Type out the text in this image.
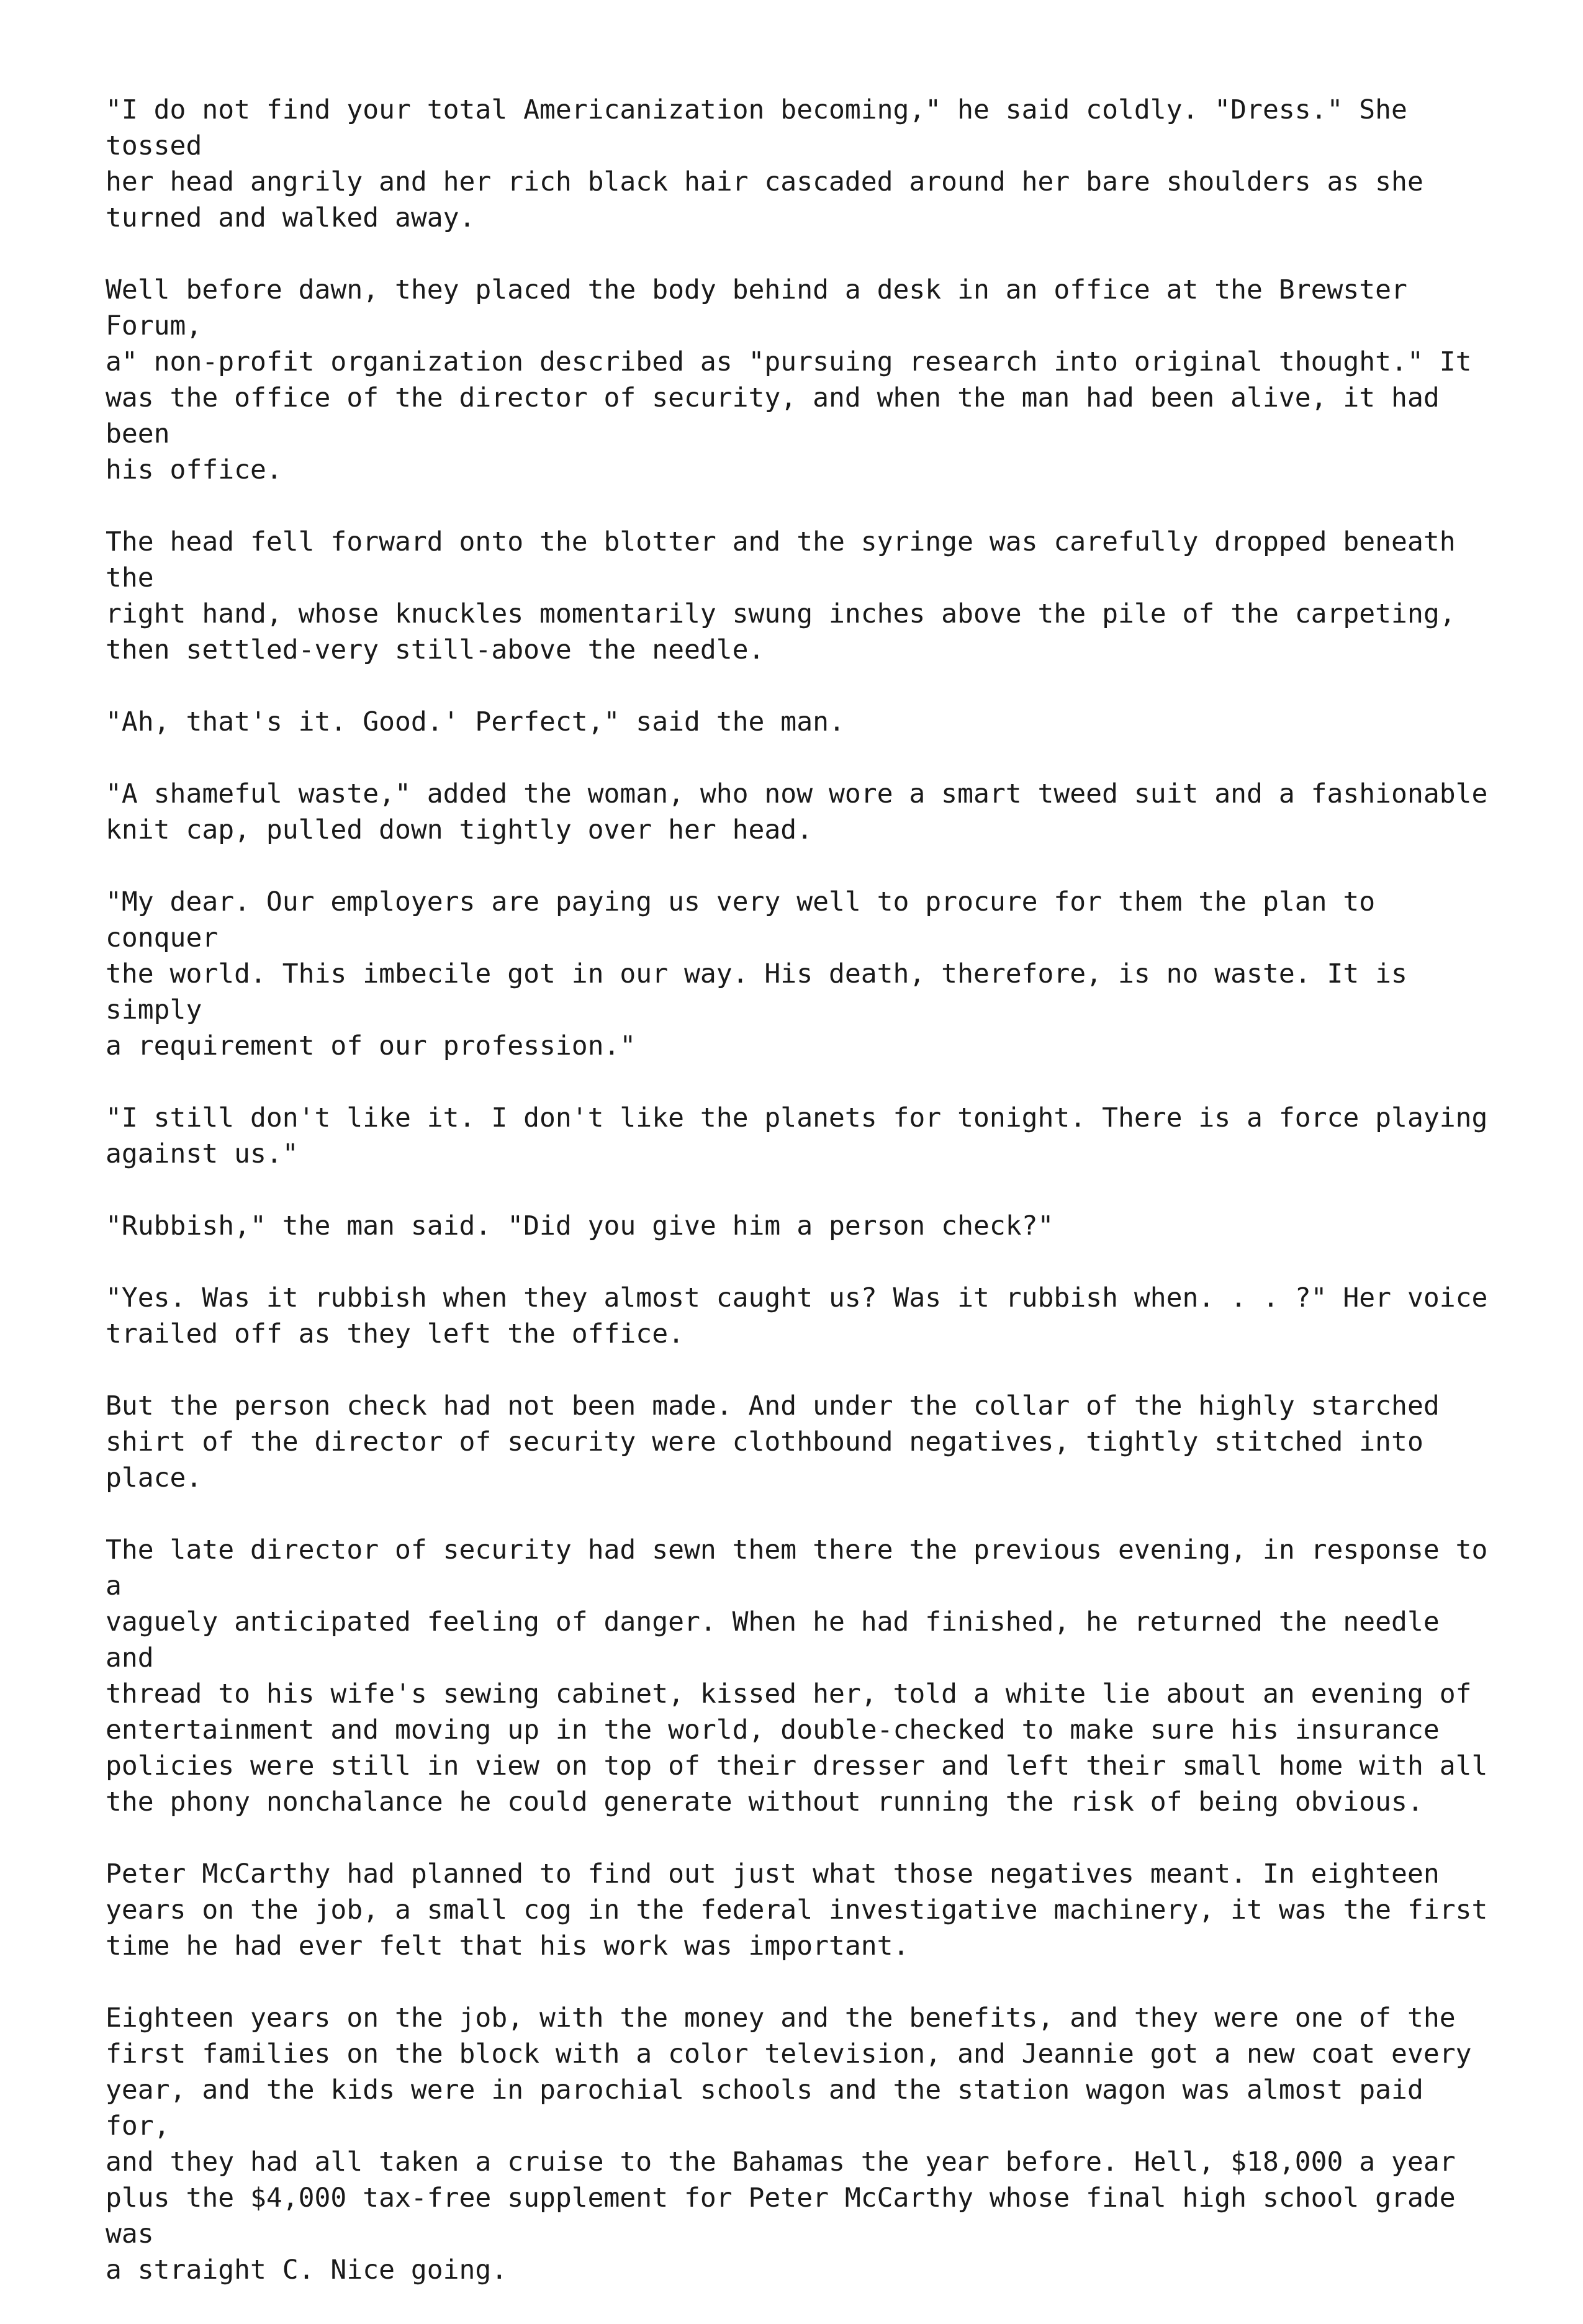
"I do not find your total Americanization becoming," he said coldly. "Dress." She tossed
her head angrily and her rich black hair cascaded around her bare shoulders as she
turned and walked away.

Well before dawn, they placed the body behind a desk in an office at the Brewster Forum,
a" non-profit organization described as "pursuing research into original thought." It
was the office of the director of security, and when the man had been alive, it had been
his office.

The head fell forward onto the blotter and the syringe was carefully dropped beneath the
right hand, whose knuckles momentarily swung inches above the pile of the carpeting,
then settled-very still-above the needle.

"Ah, that's it. Good.' Perfect," said the man.

"A shameful waste," added the woman, who now wore a smart tweed suit and a fashionable
knit cap, pulled down tightly over her head.

"My dear. Our employers are paying us very well to procure for them the plan to conquer
the world. This imbecile got in our way. His death, therefore, is no waste. It is simply
a requirement of our profession."

"I still don't like it. I don't like the planets for tonight. There is a force playing
against us."

"Rubbish," the man said. "Did you give him a person check?"

"Yes. Was it rubbish when they almost caught us? Was it rubbish when. . . ?" Her voice
trailed off as they left the office.

But the person check had not been made. And under the collar of the highly starched
shirt of the director of security were clothbound negatives, tightly stitched into
place.

The late director of security had sewn them there the previous evening, in response to a
vaguely anticipated feeling of danger. When he had finished, he returned the needle and
thread to his wife's sewing cabinet, kissed her, told a white lie about an evening of
entertainment and moving up in the world, double-checked to make sure his insurance
policies were still in view on top of their dresser and left their small home with all
the phony nonchalance he could generate without running the risk of being obvious.

Peter McCarthy had planned to find out just what those negatives meant. In eighteen
years on the job, a small cog in the federal investigative machinery, it was the first
time he had ever felt that his work was important.

Eighteen years on the job, with the money and the benefits, and they were one of the
first families on the block with a color television, and Jeannie got a new coat every
year, and the kids were in parochial schools and the station wagon was almost paid for,
and they had all taken a cruise to the Bahamas the year before. Hell, $18,000 a year
plus the $4,000 tax-free supplement for Peter McCarthy whose final high school grade was
a straight C. Nice going.
